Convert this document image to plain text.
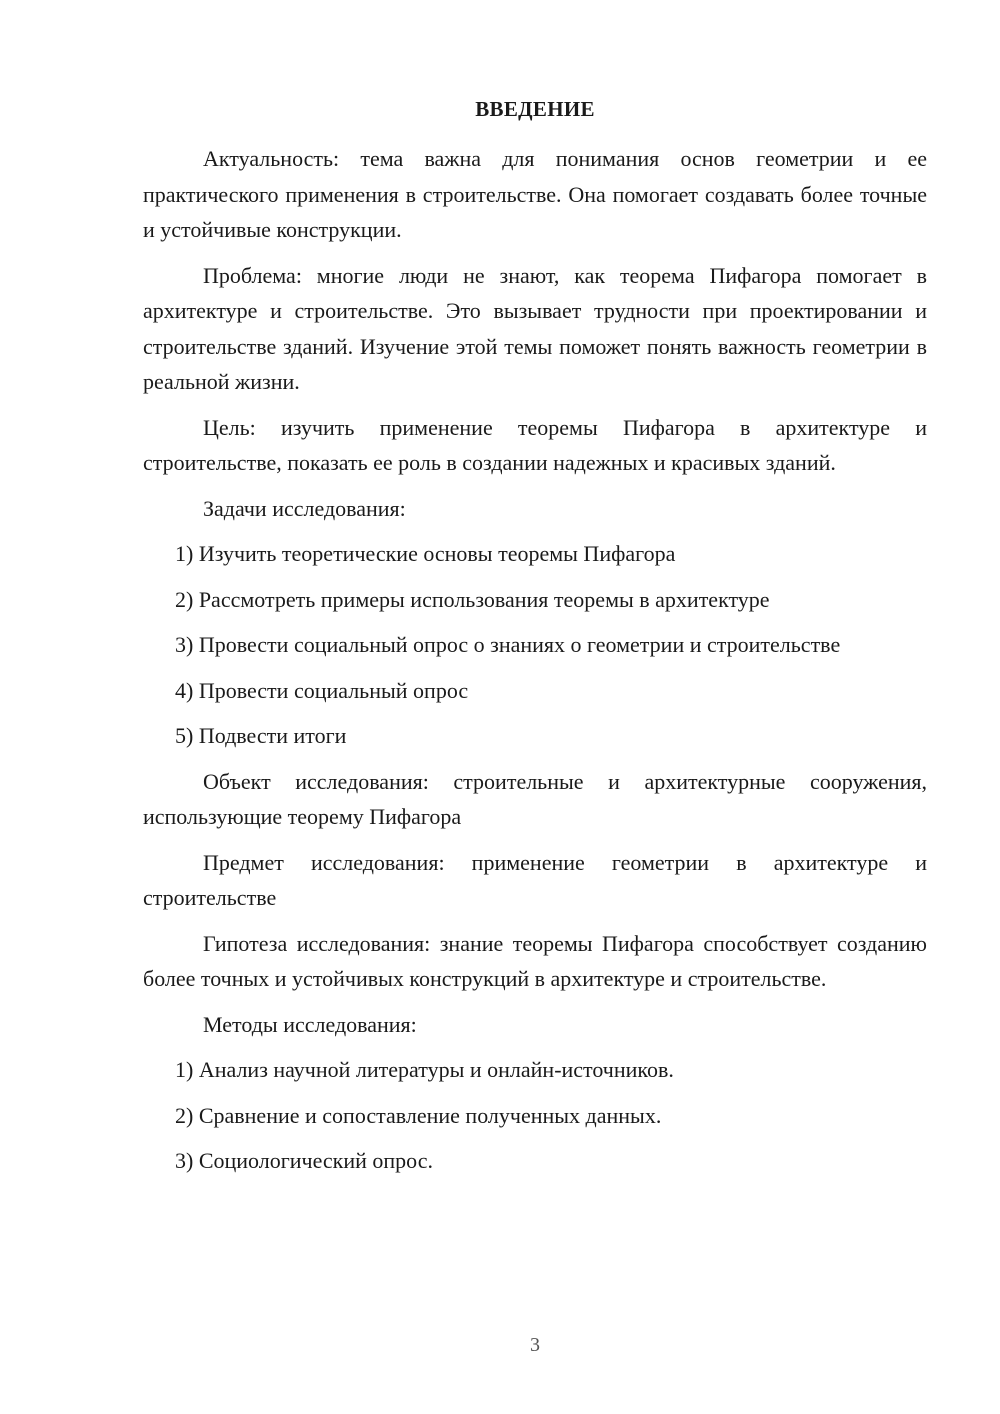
ВВЕДЕНИЕ

Актуальность: тема важна для понимания основ геометрии и ее практического применения в строительстве. Она помогает создавать более точные и устойчивые конструкции.

Проблема: многие люди не знают, как теорема Пифагора помогает в архитектуре и строительстве. Это вызывает трудности при проектировании и строительстве зданий. Изучение этой темы поможет понять важность геометрии в реальной жизни.

Цель: изучить применение теоремы Пифагора в архитектуре и строительстве, показать ее роль в создании надежных и красивых зданий.

Задачи исследования:

1) Изучить теоретические основы теоремы Пифагора
2) Рассмотреть примеры использования теоремы в архитектуре
3) Провести социальный опрос о знаниях о геометрии и строительстве
4) Провести социальный опрос
5) Подвести итоги

Объект исследования: строительные и архитектурные сооружения, использующие теорему Пифагора

Предмет исследования: применение геометрии в архитектуре и строительстве

Гипотеза исследования: знание теоремы Пифагора способствует созданию более точных и устойчивых конструкций в архитектуре и строительстве.

Методы исследования:

1) Анализ научной литературы и онлайн-источников.
2) Сравнение и сопоставление полученных данных.
3) Социологический опрос.
3
